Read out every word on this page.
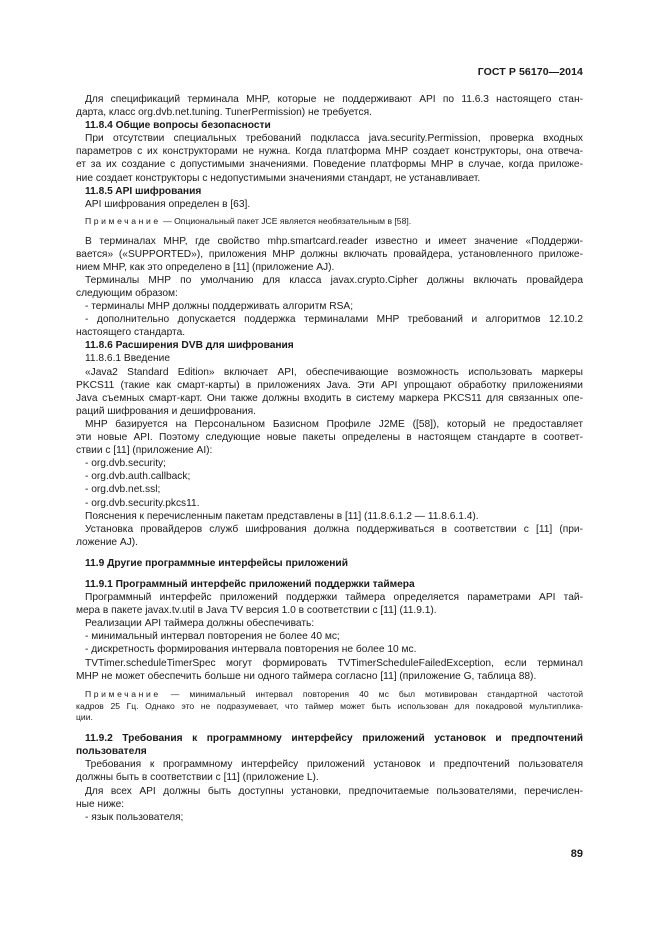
ГОСТ Р 56170—2014
Для спецификаций терминала MHP, которые не поддерживают API по 11.6.3 настоящего стан-
дарта, класс org.dvb.net.tuning. TunerPermission) не требуется.
11.8.4 Общие вопросы безопасности
При отсутствии специальных требований подкласса java.security.Permission, проверка входных
параметров с их конструкторами не нужна. Когда платформа MHP создает конструкторы, она отвеча-
ет за их создание с допустимыми значениями. Поведение платформы MHP в случае, когда приложе-
ние создает конструкторы с недопустимыми значениями стандарт, не устанавливает.
11.8.5 API шифрования
API шифрования определен в [63].
Примечание — Опциональный пакет JCE является необязательным в [58].
В терминалах MHP, где свойство mhp.smartcard.reader известно и имеет значение «Поддержи-
вается» («SUPPORTED»), приложения MHP должны включать провайдера, установленного приложе-
нием MHP, как это определено в [11] (приложение AJ).
Терминалы MHP по умолчанию для класса javax.crypto.Cipher должны включать провайдера
следующим образом:
- терминалы MHP должны поддерживать алгоритм RSA;
- дополнительно допускается поддержка терминалами MHP требований и алгоритмов 12.10.2
настоящего стандарта.
11.8.6 Расширения DVB для шифрования
11.8.6.1 Введение
«Java2 Standard Edition» включает API, обеспечивающие возможность использовать маркеры
PKCS11 (такие как смарт-карты) в приложениях Java. Эти API упрощают обработку приложениями
Java съемных смарт-карт. Они также должны входить в систему маркера PKCS11 для связанных опе-
раций шифрования и дешифрования.
MHP базируется на Персональном Базисном Профиле J2ME ([58]), который не предоставляет
эти новые API. Поэтому следующие новые пакеты определены в настоящем стандарте в соответ-
ствии с [11] (приложение AI):
- org.dvb.security;
- org.dvb.auth.callback;
- org.dvb.net.ssl;
- org.dvb.security.pkcs11.
Пояснения к перечисленным пакетам представлены в [11] (11.8.6.1.2 — 11.8.6.1.4).
Установка провайдеров служб шифрования должна поддерживаться в соответствии с [11] (при-
ложение AJ).
11.9 Другие программные интерфейсы приложений
11.9.1 Программный интерфейс приложений поддержки таймера
Программный интерфейс приложений поддержки таймера определяется параметрами API тай-
мера в пакете javax.tv.util в Java TV версия 1.0 в соответствии с [11] (11.9.1).
Реализации API таймера должны обеспечивать:
- минимальный интервал повторения не более 40 мс;
- дискретность формирования интервала повторения не более 10 мс.
TVTimer.scheduleTimerSpec могут формировать TVTimerScheduleFailedException, если терминал
MHP не может обеспечить больше ни одного таймера согласно [11] (приложение G, таблица 88).
Примечание — минимальный интервал повторения 40 мс был мотивирован стандартной частотой
кадров 25 Гц. Однако это не подразумевает, что таймер может быть использован для покадровой мультиплика-
ции.
11.9.2 Требования к программному интерфейсу приложений установок и предпочтений
пользователя
Требования к программному интерфейсу приложений установок и предпочтений пользователя
должны быть в соответствии с [11] (приложение L).
Для всех API должны быть доступны установки, предпочитаемые пользователями, перечислен-
ные ниже:
- язык пользователя;
89
